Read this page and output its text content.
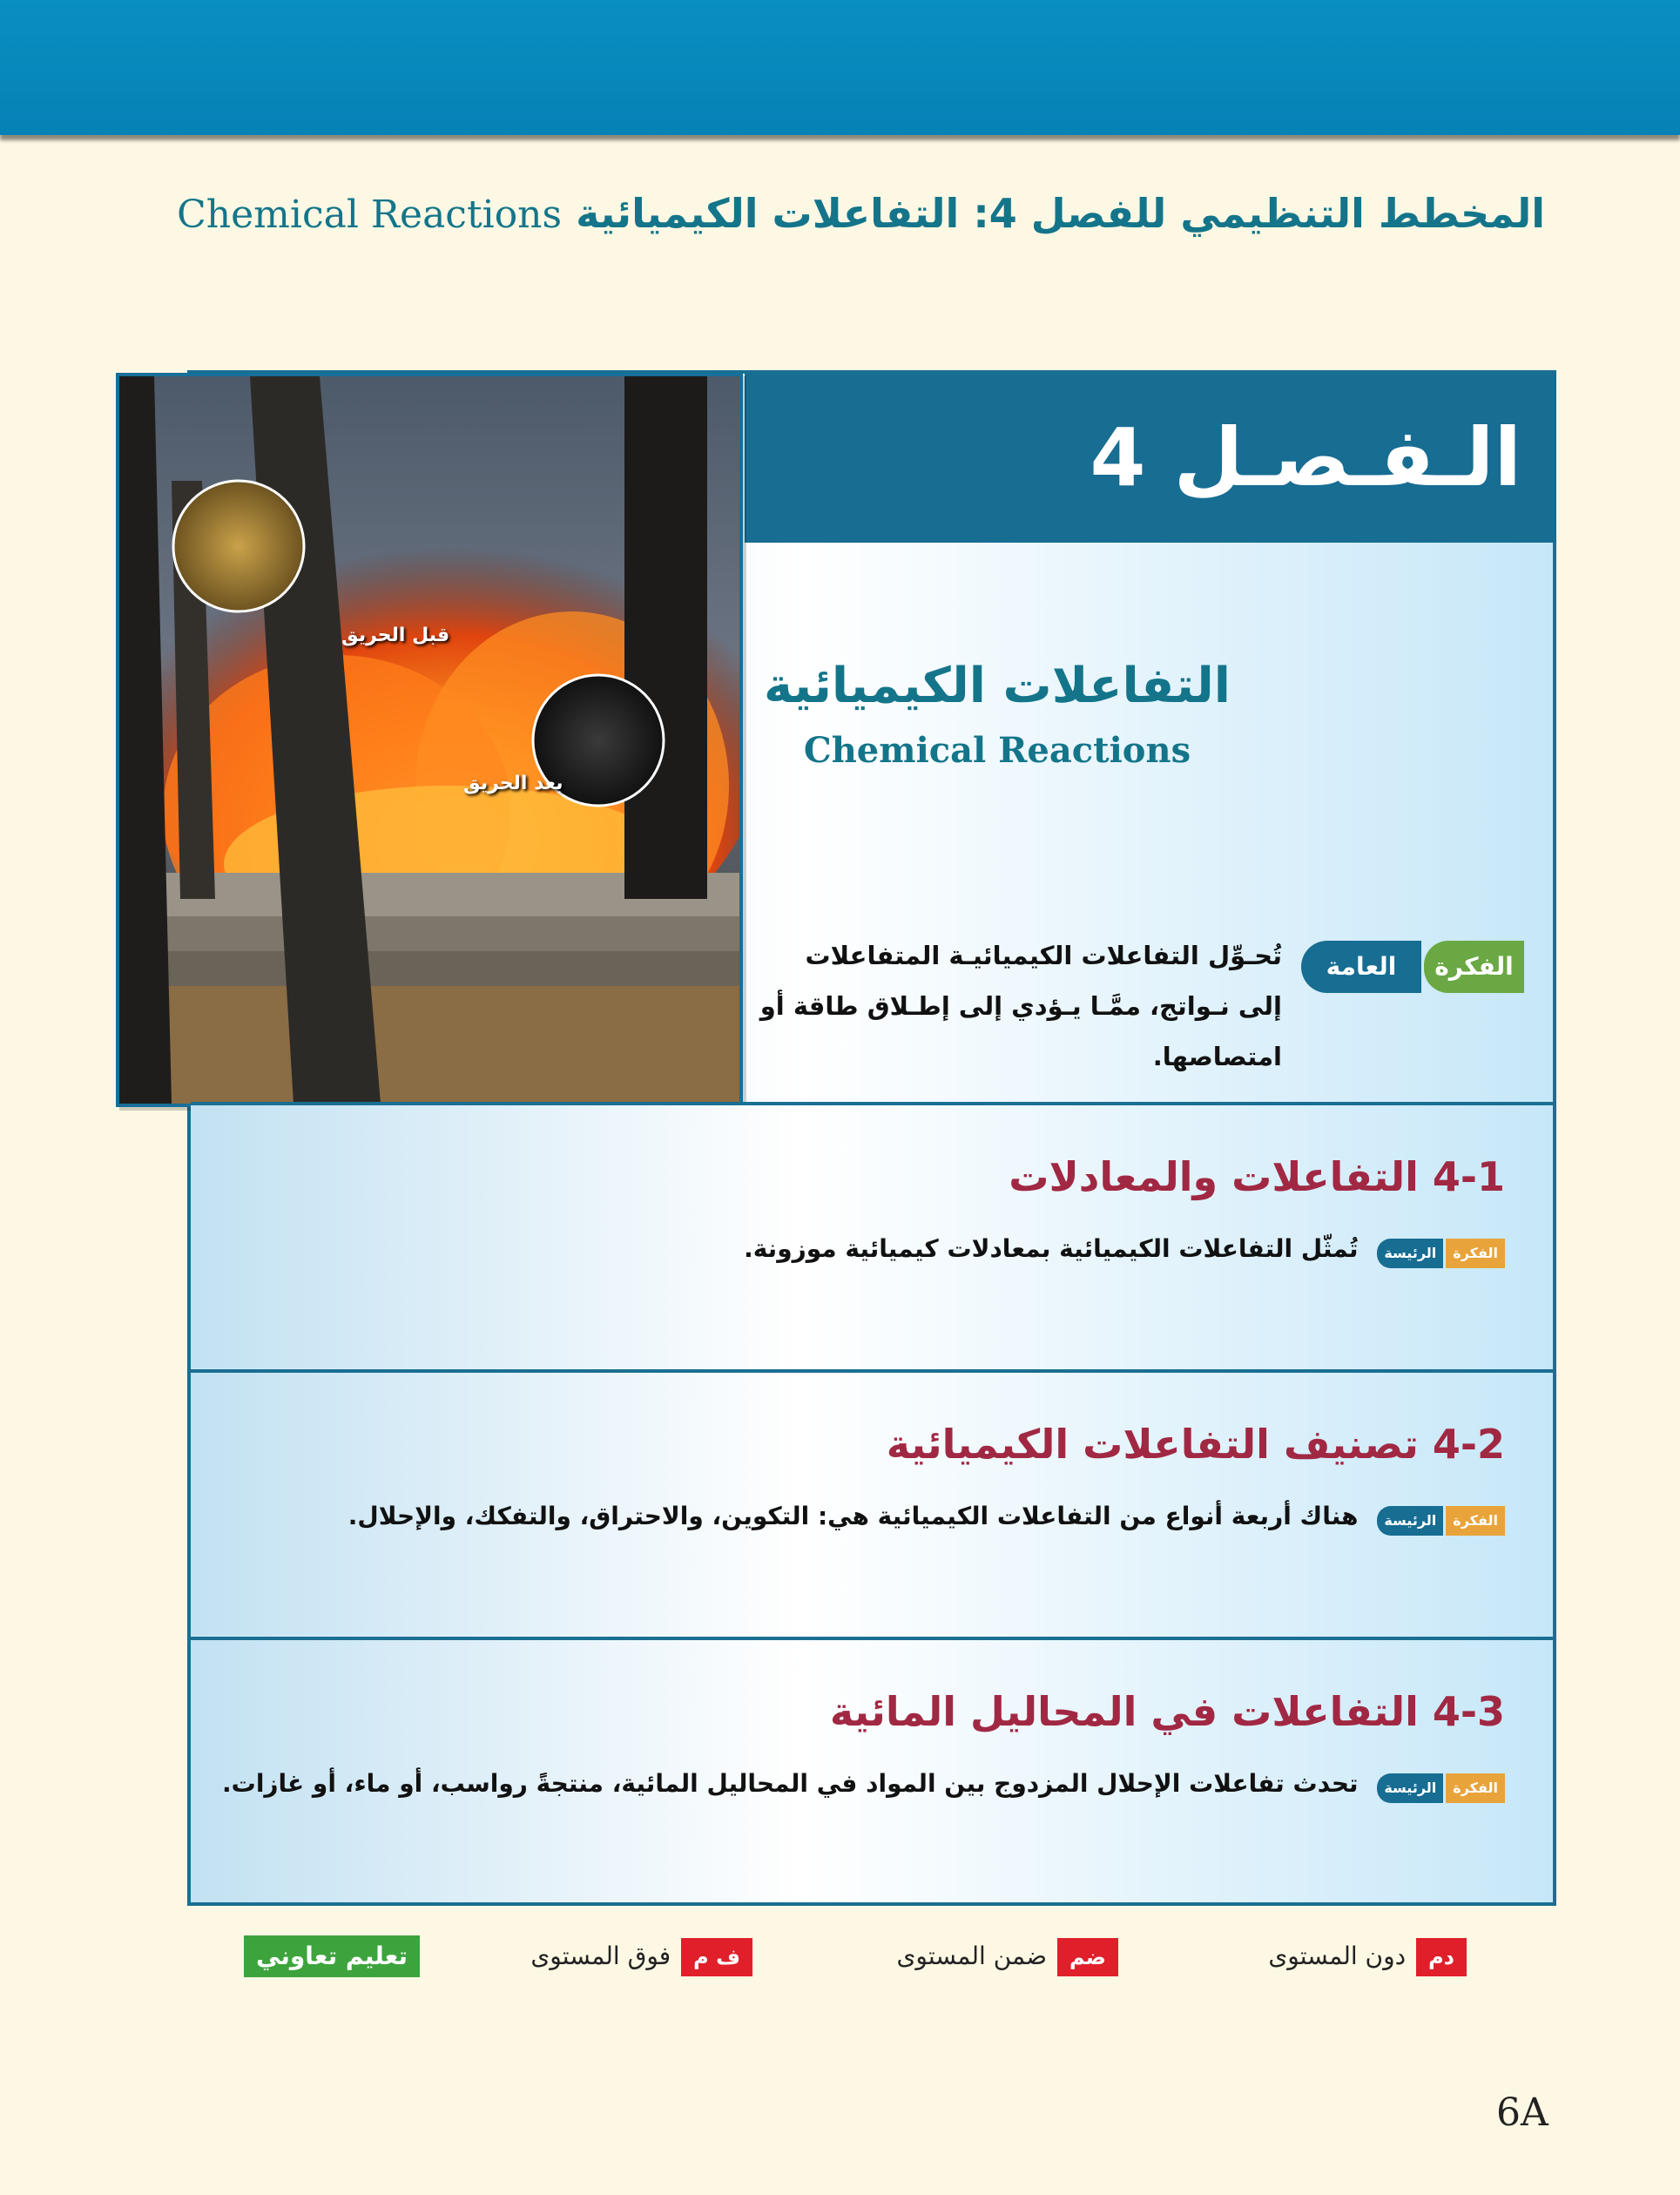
المخطط التنظيمي للفصل 4: التفاعلات الكيميائية Chemical Reactions
الـفـصـل 4
قبل الحريق
بعد الحريق
التفاعلات الكيميائية
Chemical Reactions
الفكرة
العامة
تُحـوِّل التفاعلات الكيميائيـة المتفاعلات إلى نـواتج، ممَّـا يـؤدي إلى إطـلاق طاقة أو امتصاصها.
4-1 التفاعلات والمعادلات
الفكرةالرئيسة تُمثّل التفاعلات الكيميائية بمعادلات كيميائية موزونة.
4-2 تصنيف التفاعلات الكيميائية
الفكرةالرئيسة هناك أربعة أنواع من التفاعلات الكيميائية هي: التكوين، والاحتراق، والتفكك، والإحلال.
4-3 التفاعلات في المحاليل المائية
الفكرةالرئيسة تحدث تفاعلات الإحلال المزدوج بين المواد في المحاليل المائية، منتجةً رواسب، أو ماء، أو غازات.
دمدون المستوى
ضمضمن المستوى
ف مفوق المستوى
تعليم تعاوني
6A
